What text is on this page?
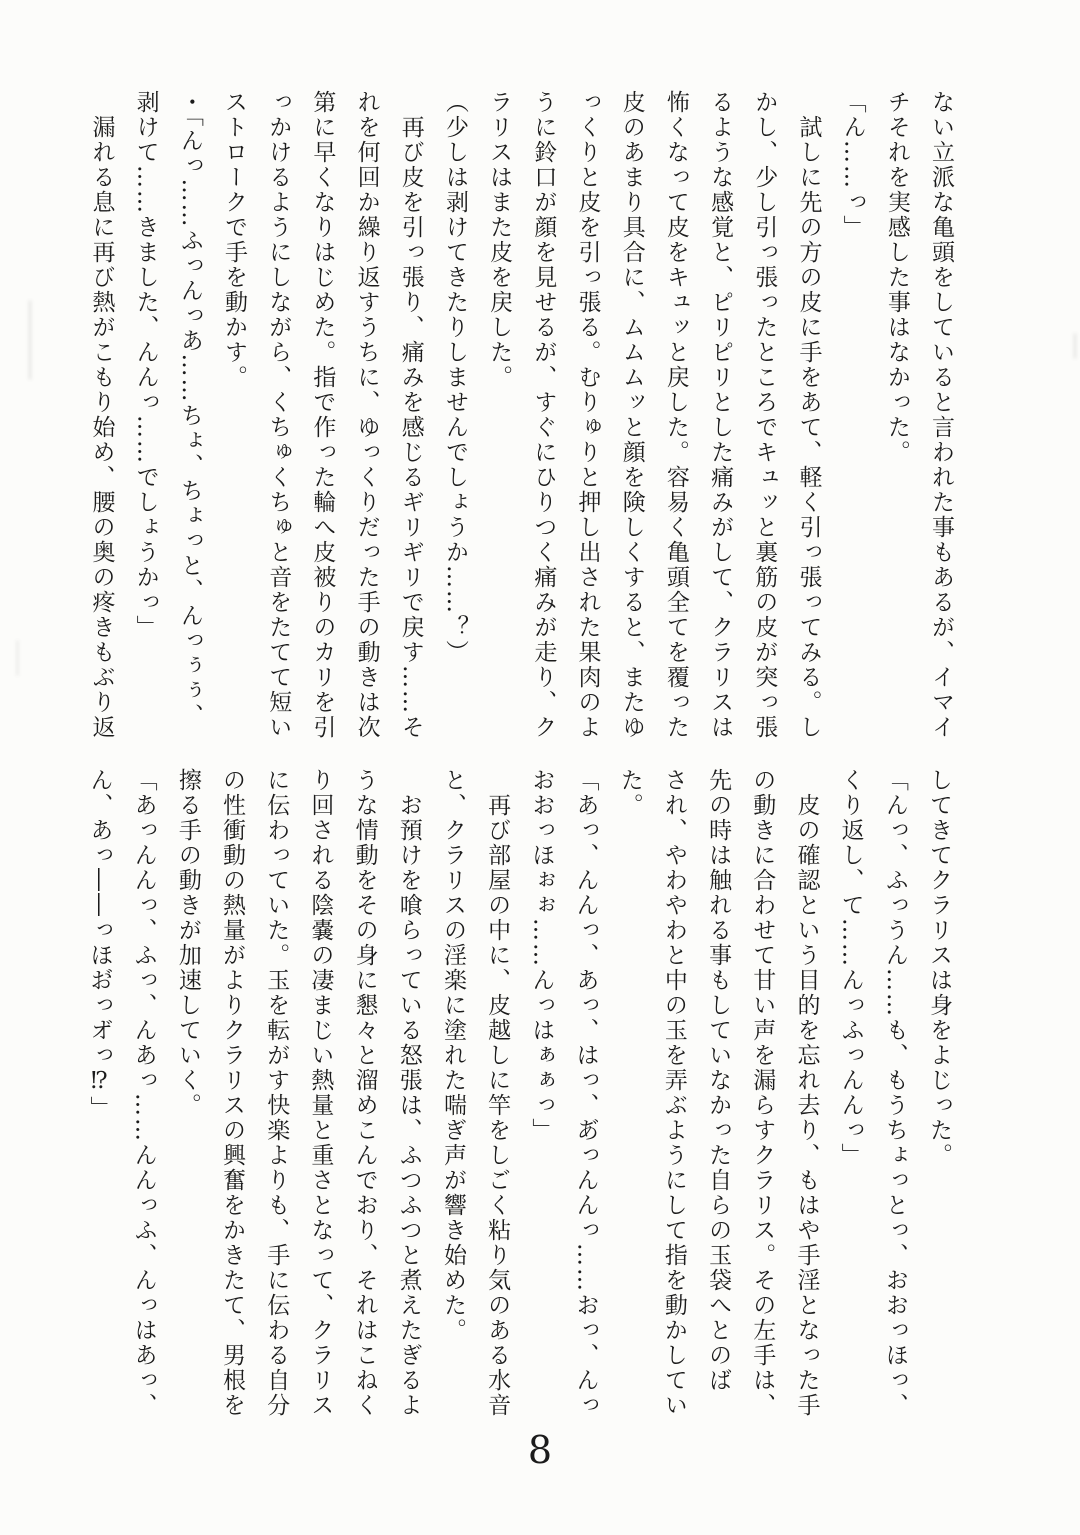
ない立派な亀頭をしていると言われた事もあるが、イマイ
チそれを実感した事はなかった。
「ん……っ」
　試しに先の方の皮に手をあて、軽く引っ張ってみる。し
かし、少し引っ張ったところでキュッと裏筋の皮が突っ張
るような感覚と、ピリピリとした痛みがして、クラリスは
怖くなって皮をキュッと戻した。容易く亀頭全てを覆った
皮のあまり具合に、ムムムッと顔を険しくすると、またゆ
っくりと皮を引っ張る。むりゅりと押し出された果肉のよ
うに鈴口が顔を見せるが、すぐにひりつく痛みが走り、ク
ラリスはまた皮を戻した。
（少しは剥けてきたりしませんでしょうか……？）
　再び皮を引っ張り、痛みを感じるギリギリで戻す……そ
れを何回か繰り返すうちに、ゆっくりだった手の動きは次
第に早くなりはじめた。指で作った輪へ皮被りのカリを引
っかけるようにしながら、くちゅくちゅと音をたてて短い
ストロークで手を動かす。
・「んっ……ふっんっあ……ちょ、ちょっと、んっぅぅ、
剥けて……きました、んんっ……でしょうかっ」
　漏れる息に再び熱がこもり始め、腰の奥の疼きもぶり返
してきてクラリスは身をよじった。
「んっ、ふっうん……も、もうちょっとっ、おおっほっ、
くり返し、て……んっふっんんっ」
　皮の確認という目的を忘れ去り、もはや手淫となった手
の動きに合わせて甘い声を漏らすクラリス。その左手は、
先の時は触れる事もしていなかった自らの玉袋へとのば
され、やわやわと中の玉を弄ぶようにして指を動かしてい
た。
「あっ、んんっ、あっ、はっ、あ゙っんんっ……おっ、んっ
おおっほぉぉ……んっはぁぁっ」
　再び部屋の中に、皮越しに竿をしごく粘り気のある水音
と、クラリスの淫楽に塗れた喘ぎ声が響き始めた。
　お預けを喰らっている怒張は、ふつふつと煮えたぎるよ
うな情動をその身に懇々と溜めこんでおり、それはこねく
り回される陰嚢の凄まじい熱量と重さとなって、クラリス
に伝わっていた。玉を転がす快楽よりも、手に伝わる自分
の性衝動の熱量がよりクラリスの興奮をかきたて、男根を
擦る手の動きが加速していく。
「あっんんっ、ふっ、んあっ……んんっふ、んっはあっ、
ん、あっ――っほお゙っオ゙っ⁉」
8
